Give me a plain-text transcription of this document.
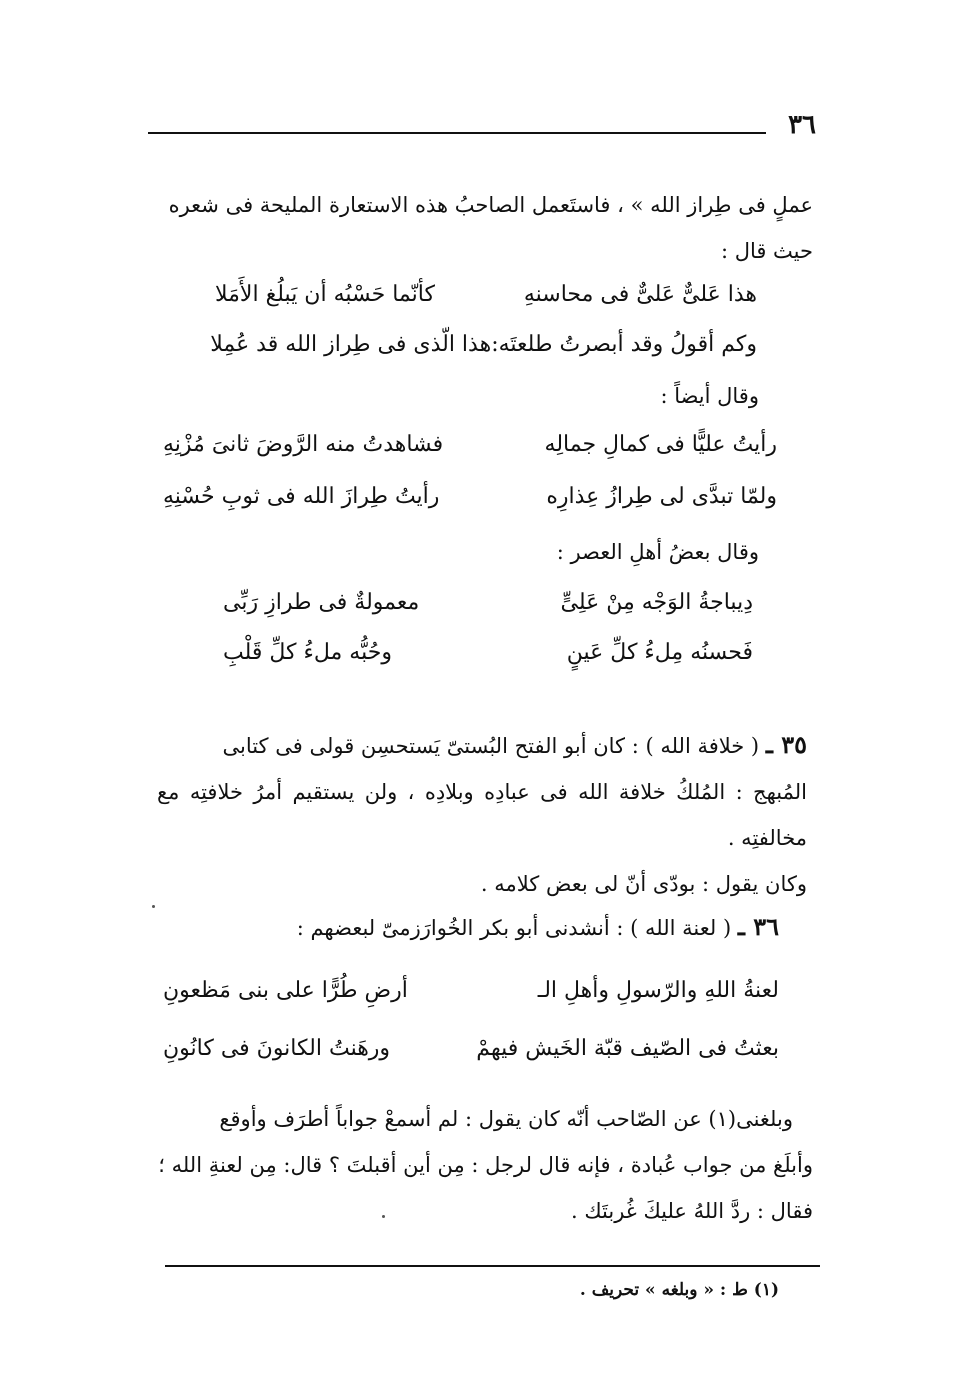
٣٦

عملٍ فى طِراز الله » ، فاستَعمل الصاحبُ هذه الاستعارة المليحة فى شعره

حيث قال :

هذا عَلىٌّ عَلىٌّ فى محاسنهِ
كأنّما حَسْبُه أن يَبلُغ الأَمَلا
وكم أقولُ وقد أبصرتُ طلعتَه:
هذا الّذى فى طِراز الله قد عُمِلا
وقال أيضاً :
رأيتُ عليًّا فى كمالِ جمالِه
فشاهدتُ منه الرَّوضَ ثانىَ مُزْنِهِ
ولمّا تبدَّى لى طِرازُ عِذارِه
رأيتُ طِرازَ الله فى ثوبِ حُسْنِهِ
وقال بعضُ أهلِ العصر :
دِيباجةُ الوَجْه مِنْ عَلِىٍّ
معمولةٌ فى طرازِ رَبِّى
فَحسنُه مِلءُ كلِّ عَينٍ
وحُبُّه ملءُ كلِّ قَلْبِ

٣٥ ـ ( خلافة الله ) : كان أبو الفتح البُستىّ يَستحسِن قولى فى كتابى

المُبهج : المُلكُ خلافة الله فى عبادِه وبلادِه ، ولن يستقيم أمرُ خلافتِه مع مخالفتِه .

وكان يقول : بودّى أنّ لى بعض كلامه .

٣٦ ـ ( لعنة الله ) : أنشدنى أبو بكر الخُوارَزمىّ لبعضهم :
لعنةُ اللهِ والرّسولِ وأهلِ الـ
أرضِ طُرًّا على بنى مَظعونِ
بعثتُ فى الصّيف قبّة الخَيش فيهمْ
ورهَنتُ الكانونَ فى كانُونِ

وبلغنى(١) عن الصّاحب أنّه كان يقول : لم أسمعْ جواباً أطرَف وأوقع

وأبلَغ من جواب عُبادة ، فإنه قال لرجل : مِن أين أقبلتَ ؟ قال: مِن لعنةِ الله ؛

فقال : ردَّ اللهُ عليكَ غُربتَك .

(١) ط : « وبلغه » تحريف .
